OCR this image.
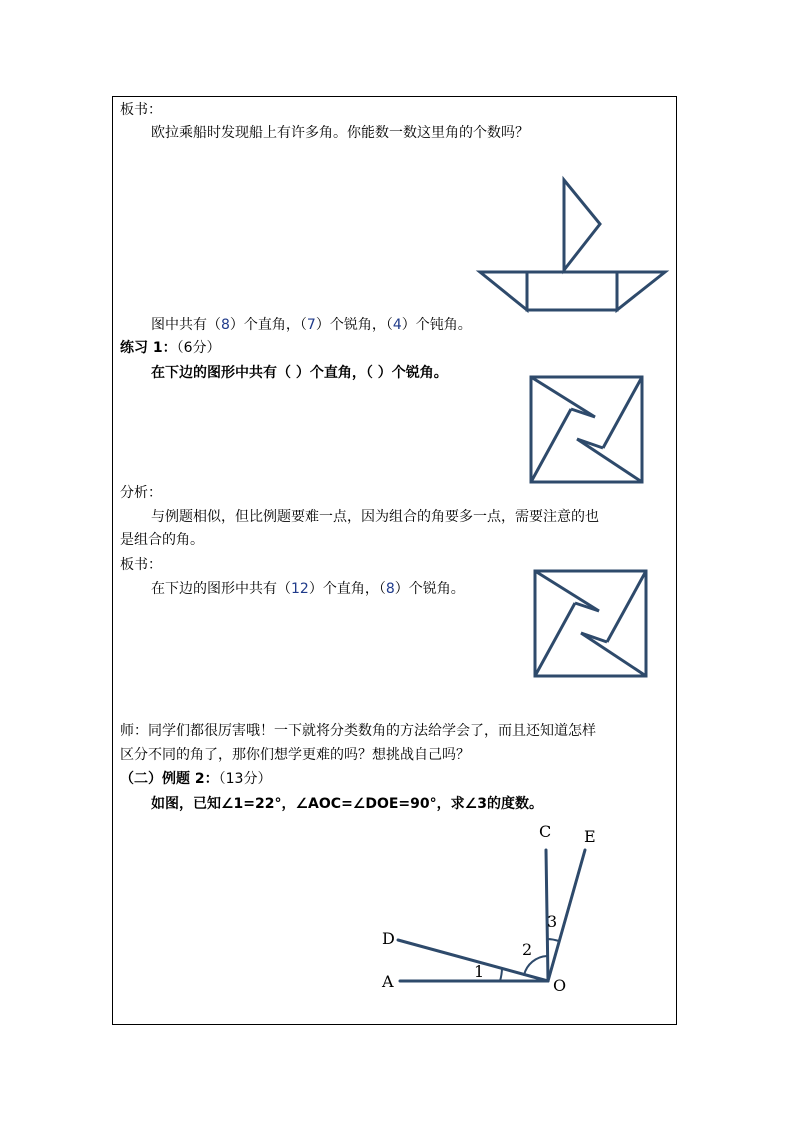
板书：
欧拉乘船时发现船上有许多角。你能数一数这里角的个数吗？
图中共有（8）个直角，（7）个锐角，（4）个钝角。
练习 1：（6分）
在下边的图形中共有（ ）个直角，（ ）个锐角。
分析：
与例题相似，但比例题要难一点，因为组合的角要多一点，需要注意的也
是组合的角。
板书：
在下边的图形中共有（12）个直角，（8）个锐角。
师：同学们都很厉害哦！一下就将分类数角的方法给学会了，而且还知道怎样
区分不同的角了，那你们想学更难的吗？想挑战自己吗？
（二）例题 2：（13分）
如图，已知∠1=22°，∠AOC=∠DOE=90°，求∠3的度数。
C E
D
A	O
1
2
3
